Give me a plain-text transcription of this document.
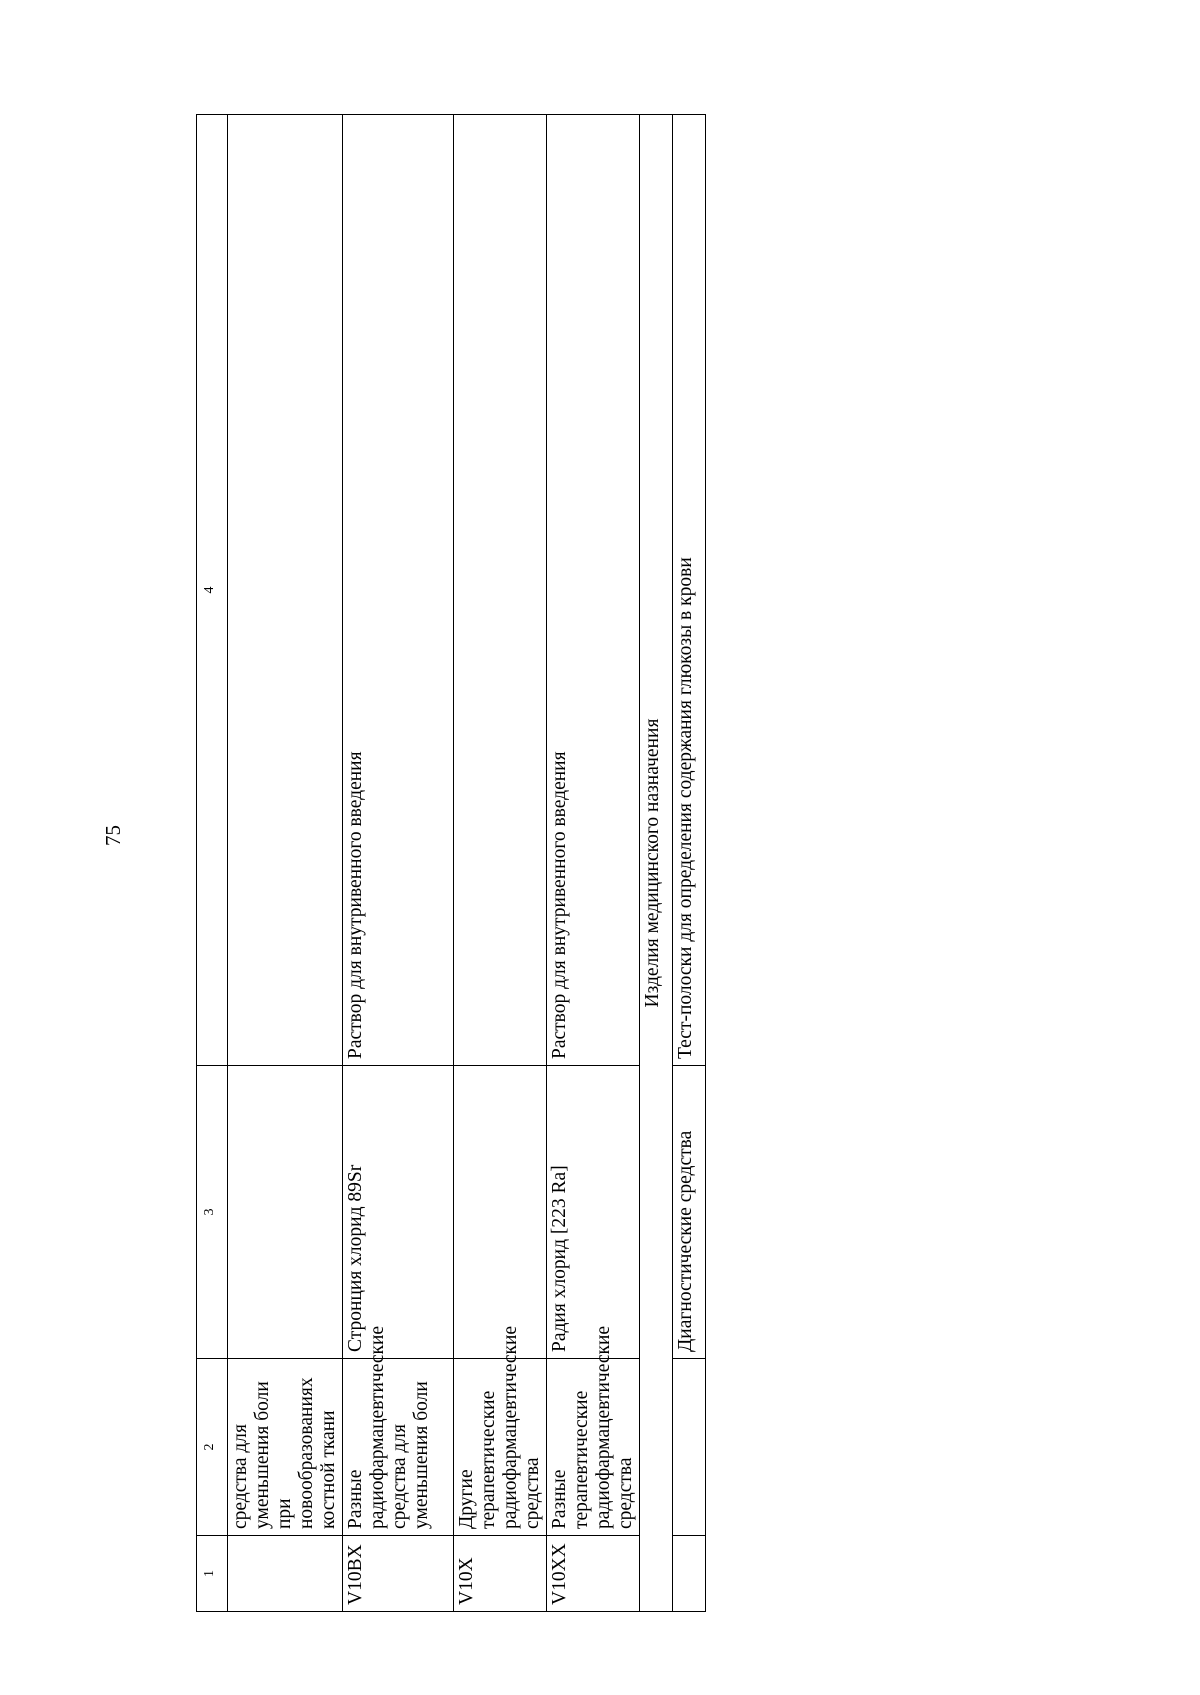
75
1	2	3	4
	средства для уменьшения боли при новообразованиях костной ткани		
V10BX	Разные радиофармацевтические средства для уменьшения боли	Стронция хлорид 89Sr	Раствор для внутривенного введения
V10X	Другие терапевтические радиофармацевтические средства		
V10XX	Разные терапевтические радиофармацевтические средства	Радия хлорид [223 Ra]	Раствор для внутривенного введения
Изделия медицинского назначения			
		Диагностические средства	Тест-полоски для определения содержания глюкозы в крови
